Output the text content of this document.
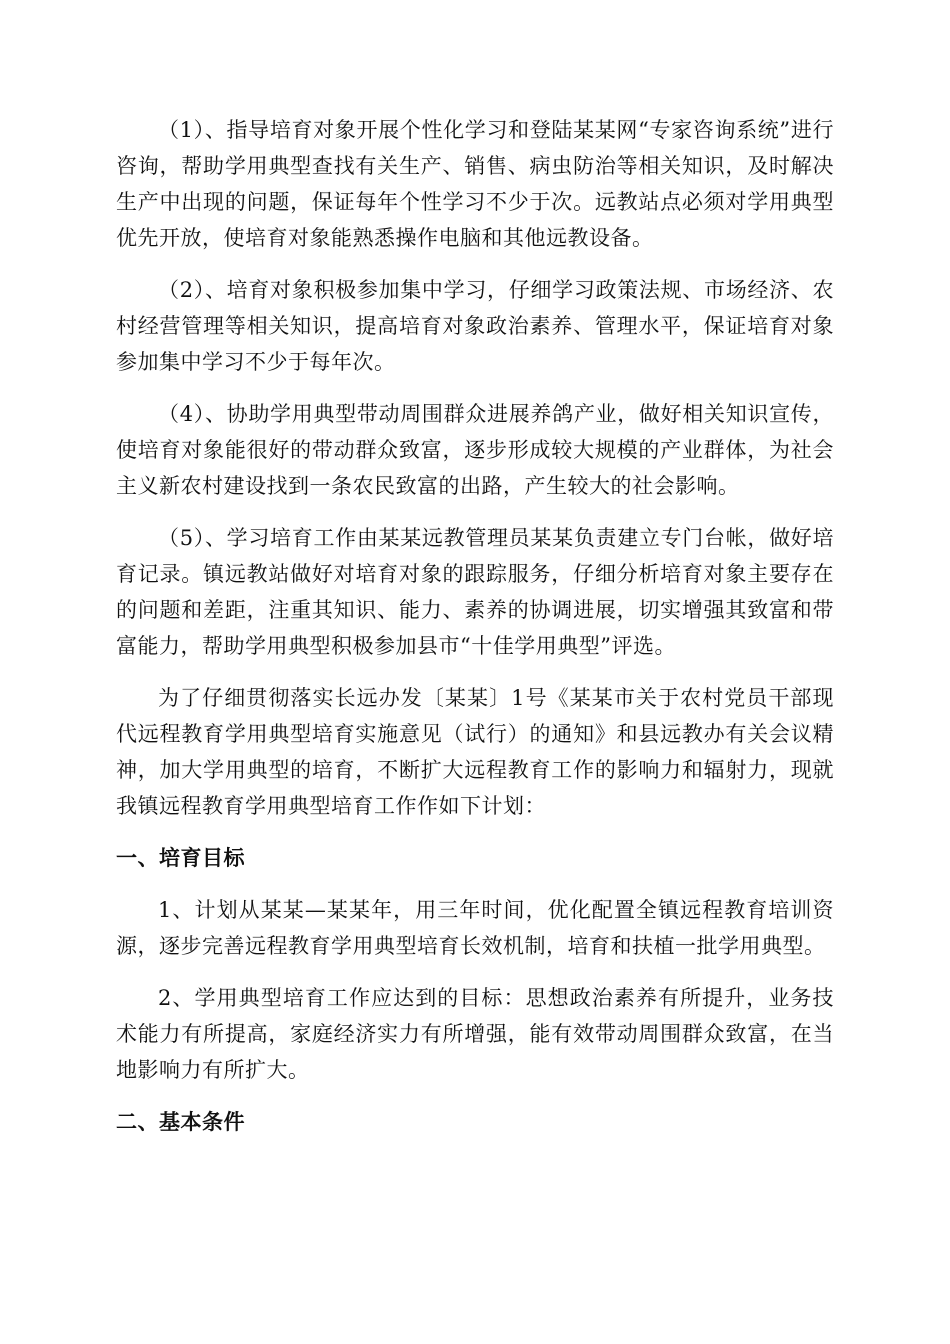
（1）、指导培育对象开展个性化学习和登陆某某网“专家咨询系统”进行咨询，帮助学用典型查找有关生产、销售、病虫防治等相关知识，及时解决生产中出现的问题，保证每年个性学习不少于次。远教站点必须对学用典型优先开放，使培育对象能熟悉操作电脑和其他远教设备。

（2）、培育对象积极参加集中学习，仔细学习政策法规、市场经济、农村经营管理等相关知识，提高培育对象政治素养、管理水平，保证培育对象参加集中学习不少于每年次。

（4）、协助学用典型带动周围群众进展养鸽产业，做好相关知识宣传，使培育对象能很好的带动群众致富，逐步形成较大规模的产业群体，为社会主义新农村建设找到一条农民致富的出路，产生较大的社会影响。

（5）、学习培育工作由某某远教管理员某某负责建立专门台帐，做好培育记录。镇远教站做好对培育对象的跟踪服务，仔细分析培育对象主要存在的问题和差距，注重其知识、能力、素养的协调进展，切实增强其致富和带富能力，帮助学用典型积极参加县市“十佳学用典型”评选。

为了仔细贯彻落实长远办发〔某某〕1号《某某市关于农村党员干部现代远程教育学用典型培育实施意见（试行）的通知》和县远教办有关会议精神，加大学用典型的培育，不断扩大远程教育工作的影响力和辐射力，现就我镇远程教育学用典型培育工作作如下计划：

一、培育目标

1、计划从某某—某某年，用三年时间，优化配置全镇远程教育培训资源，逐步完善远程教育学用典型培育长效机制，培育和扶植一批学用典型。

2、学用典型培育工作应达到的目标：思想政治素养有所提升，业务技术能力有所提高，家庭经济实力有所增强，能有效带动周围群众致富，在当地影响力有所扩大。

二、基本条件
